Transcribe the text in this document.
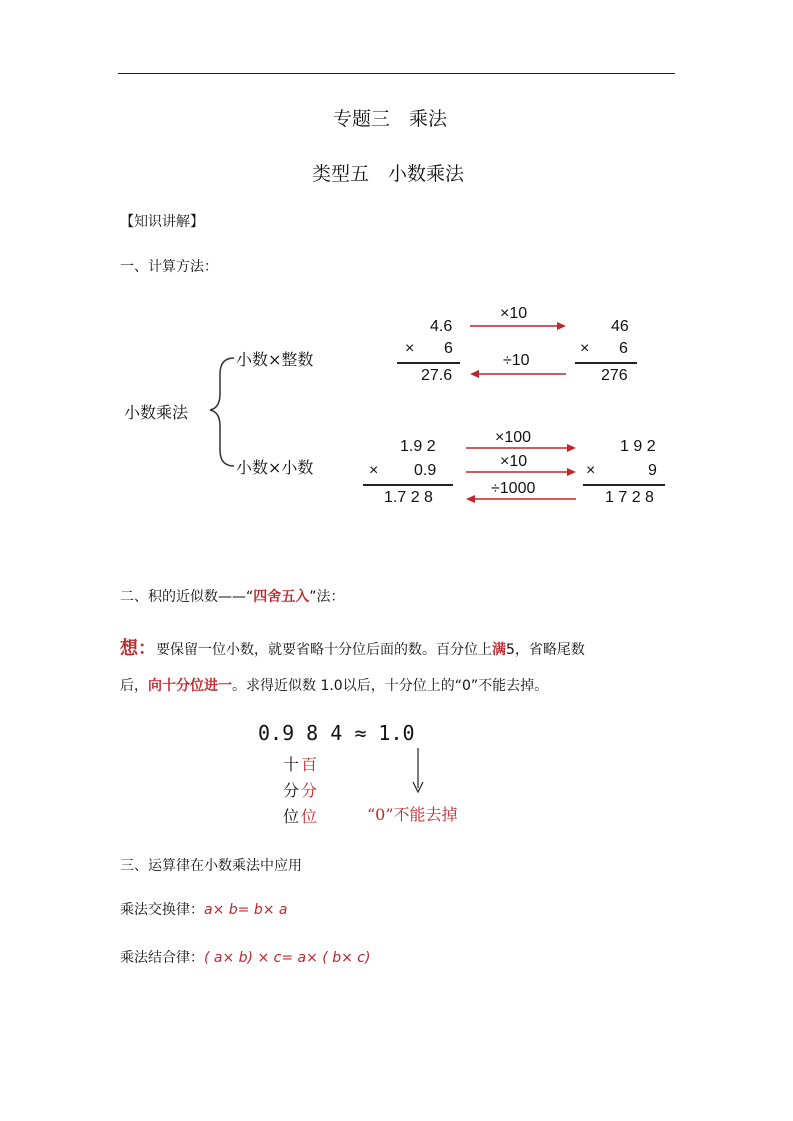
专题三　乘法
类型五　小数乘法
【知识讲解】
一、计算方法：
小数乘法
小数×整数
小数×小数
4.6
× 6
27.6
×10
÷10
46
× 6
276
1.9 2
× 0.9
1.7 2 8
×100
×10
÷1000
1 9 2
×	9
1 7 2 8
二、积的近似数——“四舍五入”法：
想：要保留一位小数，就要省略十分位后面的数。百分位上满5，省略尾数
后，向十分位进一。求得近似数 1.0以后，十分位上的“0”不能去掉。
0.9 8 4 ≈ 1.0
十
分
位
百
分
位	“0”不能去掉
三、运算律在小数乘法中应用
乘法交换律：a× b= b× a
乘法结合律：( a× b) × c= a× ( b× c)
